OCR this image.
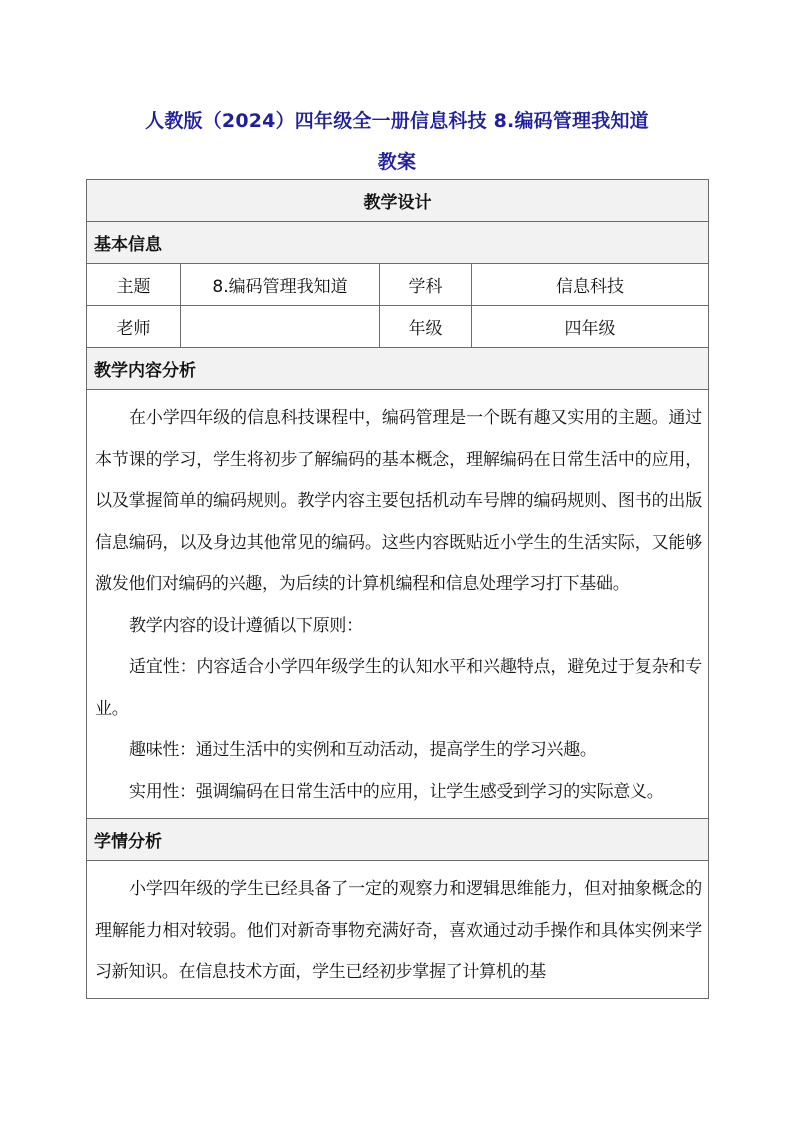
人教版（2024）四年级全一册信息科技 8.编码管理我知道
教案
教学设计			
基本信息			
主题	8.编码管理我知道	学科	信息科技
老师		年级	四年级
教学内容分析			

在小学四年级的信息科技课程中，编码管理是一个既有趣又实用的主题。通过本节课的学习，学生将初步了解编码的基本概念，理解编码在日常生活中的应用，以及掌握简单的编码规则。教学内容主要包括机动车号牌的编码规则、图书的出版信息编码，以及身边其他常见的编码。这些内容既贴近小学生的生活实际，又能够激发他们对编码的兴趣，为后续的计算机编程和信息处理学习打下基础。

教学内容的设计遵循以下原则：

适宜性：内容适合小学四年级学生的认知水平和兴趣特点，避免过于复杂和专业。

趣味性：通过生活中的实例和互动活动，提高学生的学习兴趣。

实用性：强调编码在日常生活中的应用，让学生感受到学习的实际意义。			

学情分析			

小学四年级的学生已经具备了一定的观察力和逻辑思维能力，但对抽象概念的理解能力相对较弱。他们对新奇事物充满好奇，喜欢通过动手操作和具体实例来学习新知识。在信息技术方面，学生已经初步掌握了计算机的基			
